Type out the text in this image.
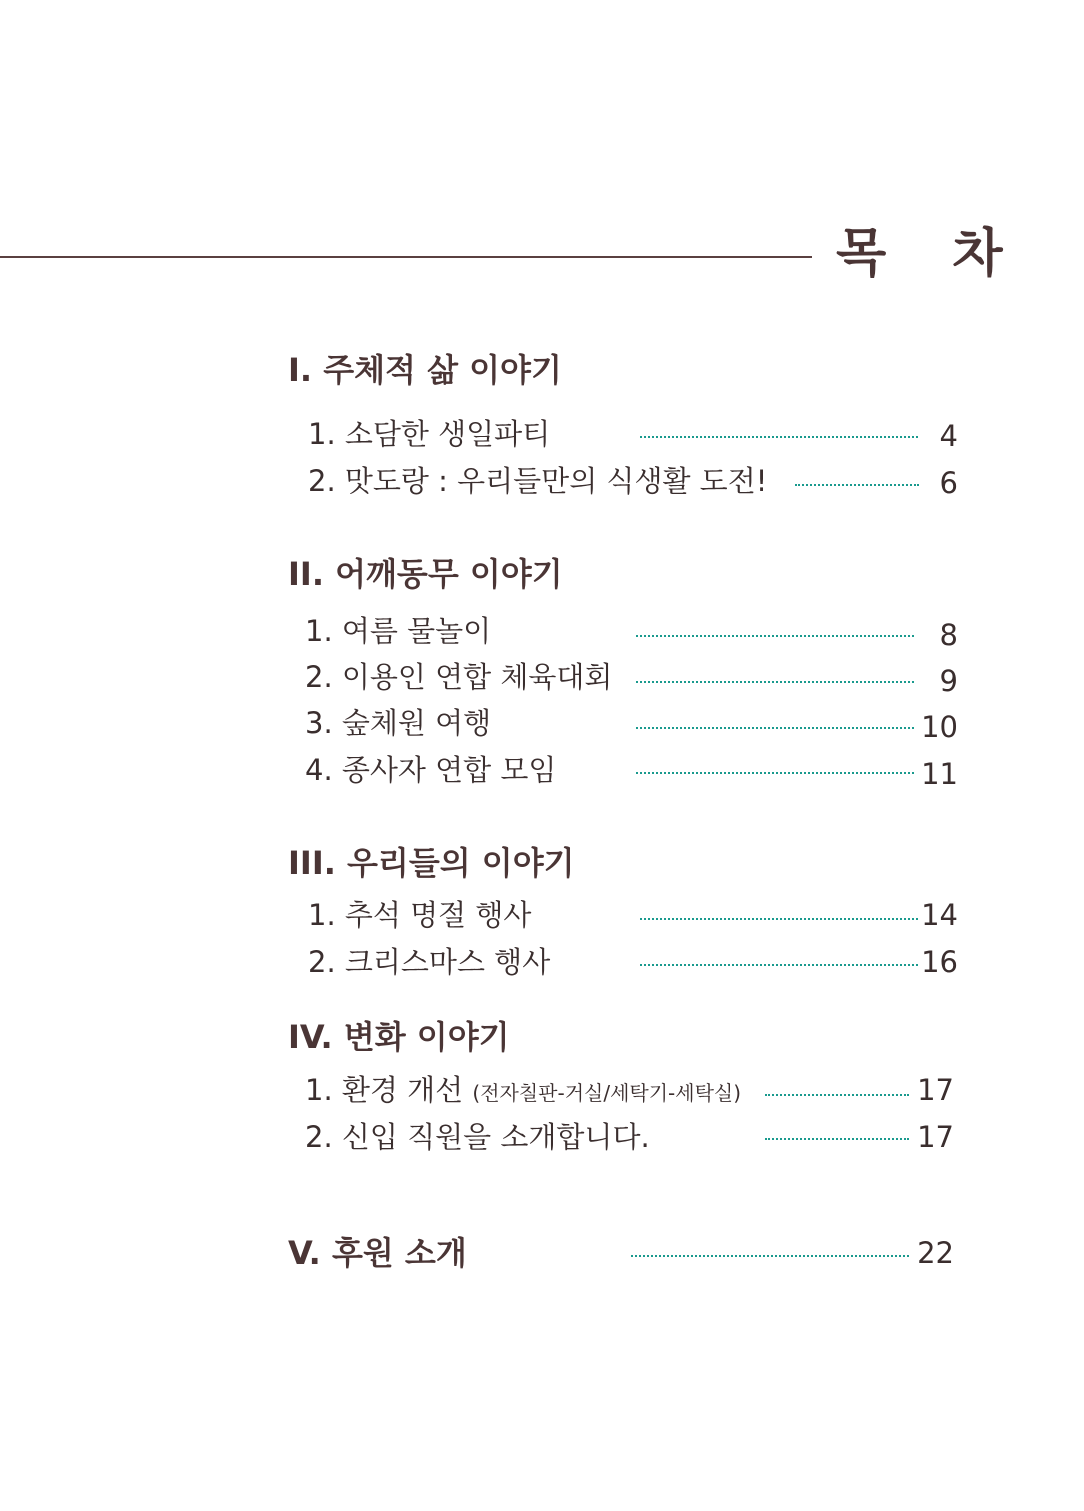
목 차
I. 주체적 삶 이야기
1. 소담한 생일파티	4
2. 맛도랑 : 우리들만의 식생활 도전!	6
II. 어깨동무 이야기
1. 여름 물놀이	8
2. 이용인 연합 체육대회	9
3. 숲체원 여행	10
4. 종사자 연합 모임	11
III. 우리들의 이야기
1. 추석 명절 행사	14
2. 크리스마스 행사	16
IV. 변화 이야기
1. 환경 개선 (전자칠판-거실/세탁기-세탁실)	17
2. 신입 직원을 소개합니다.	17
V. 후원 소개	22
